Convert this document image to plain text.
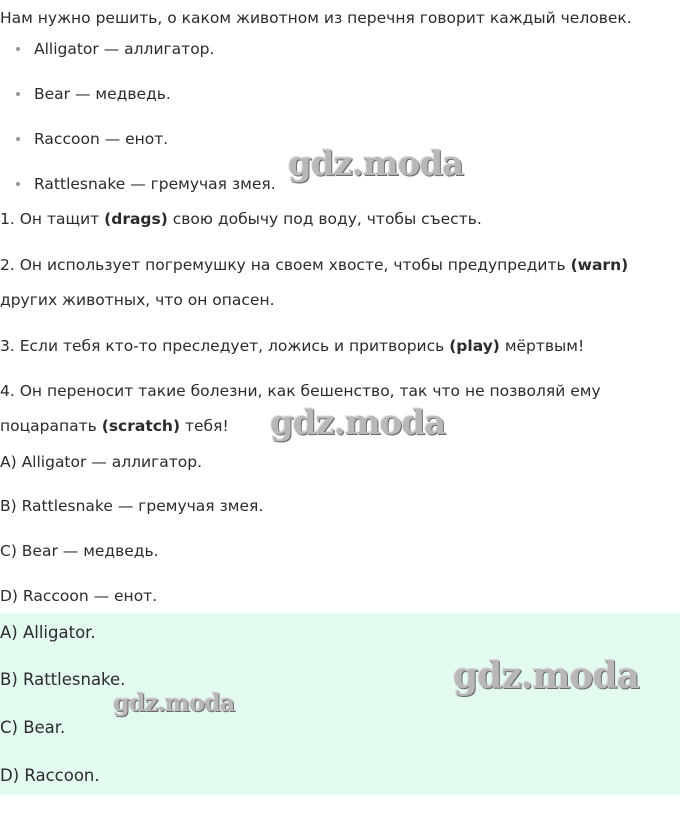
Нам нужно решить, о каком животном из перечня говорит каждый человек.
Alligator — аллигатор.
Bear — медведь.
Raccoon — енот.
Rattlesnake — гремучая змея.
1. Он тащит (drags) свою добычу под воду, чтобы съесть.
2. Он использует погремушку на своем хвосте, чтобы предупредить (warn)
других животных, что он опасен.
3. Если тебя кто-то преследует, ложись и притворись (play) мёртвым!
4. Он переносит такие болезни, как бешенство, так что не позволяй ему
поцарапать (scratch) тебя!
A) Alligator — аллигатор.
B) Rattlesnake — гремучая змея.
C) Bear — медведь.
D) Raccoon — енот.
A) Alligator.
B) Rattlesnake.
C) Bear.
D) Raccoon.
gdz.moda
gdz.moda
gdz.moda
gdz.moda
